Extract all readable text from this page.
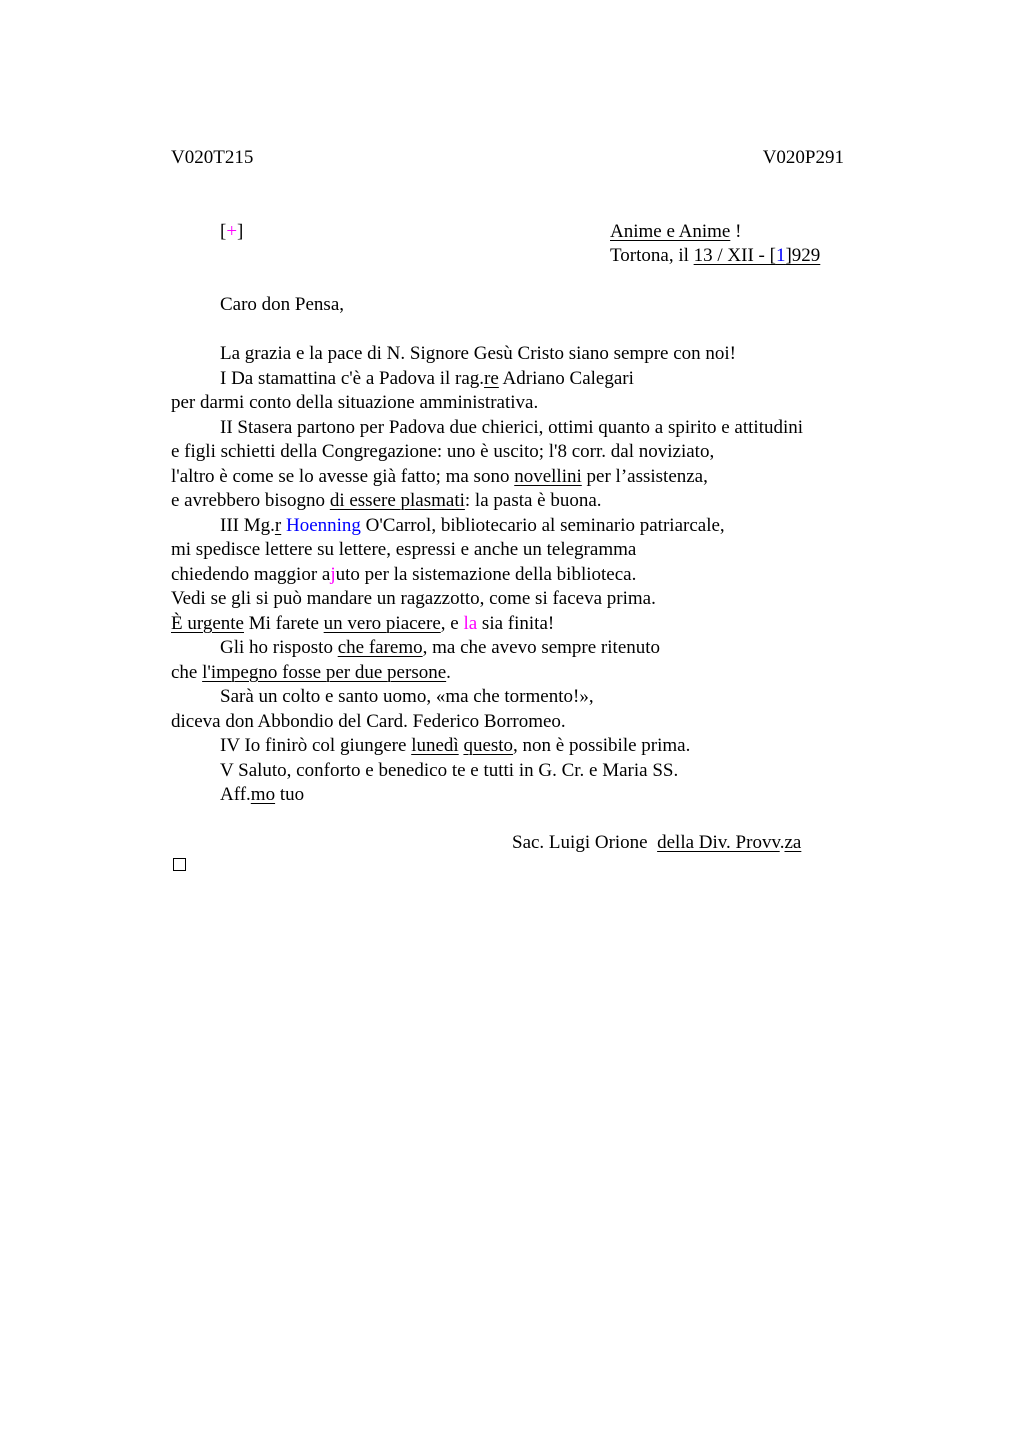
V020T215	V020P291
[+]	Anime e Anime !
Tortona, il 13 / XII - [1]929
Caro don Pensa,
La grazia e la pace di N. Signore Gesù Cristo siano sempre con noi!
I Da stamattina c'è a Padova il rag.re Adriano Calegari
per darmi conto della situazione amministrativa.
II Stasera partono per Padova due chierici, ottimi quanto a spirito e attitudini
e figli schietti della Congregazione: uno è uscito; l'8 corr. dal noviziato,
l'altro è come se lo avesse già fatto; ma sono novellini per l’assistenza,
e avrebbero bisogno di essere plasmati: la pasta è buona.
III Mg.r Hoenning O'Carrol, bibliotecario al seminario patriarcale,
mi spedisce lettere su lettere, espressi e anche un telegramma
chiedendo maggior ajuto per la sistemazione della biblioteca.
Vedi se gli si può mandare un ragazzotto, come si faceva prima.
È urgente Mi farete un vero piacere, e la sia finita!
Gli ho risposto che faremo, ma che avevo sempre ritenuto
che l'impegno fosse per due persone.
Sarà un colto e santo uomo, «ma che tormento!»,
diceva don Abbondio del Card. Federico Borromeo.
IV Io finirò col giungere lunedì questo, non è possibile prima.
V Saluto, conforto e benedico te e tutti in G. Cr. e Maria SS.
Aff.mo tuo
Sac. Luigi Orione  della Div. Provv.za
